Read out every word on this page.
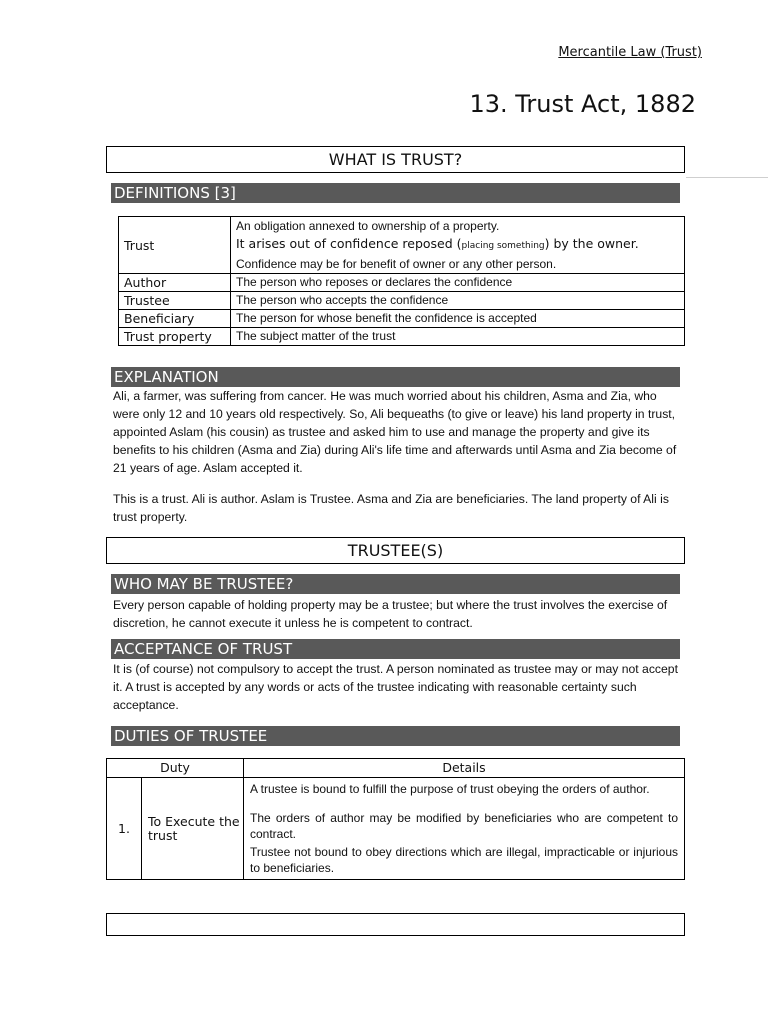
Mercantile Law (Trust)
13. Trust Act, 1882
WHAT IS TRUST?
DEFINITIONS [3]
Trust	An obligation annexed to ownership of a property.
It arises out of confidence reposed (placing something) by the owner.
Confidence may be for benefit of owner or any other person.

Author	The person who reposes or declares the confidence
Trustee	The person who accepts the confidence
Beneficiary	The person for whose benefit the confidence is accepted
Trust property	The subject matter of the trust
EXPLANATION

Ali, a farmer, was suffering from cancer. He was much worried about his children, Asma and Zia, who were only 12 and 10 years old respectively. So, Ali bequeaths (to give or leave) his land property in trust, appointed Aslam (his cousin) as trustee and asked him to use and manage the property and give its benefits to his children (Asma and Zia) during Ali's life time and afterwards until Asma and Zia become of 21 years of age. Aslam accepted it.

This is a trust. Ali is author. Aslam is Trustee. Asma and Zia are beneficiaries. The land property of Ali is trust property.

TRUSTEE(S)
WHO MAY BE TRUSTEE?

Every person capable of holding property may be a trustee; but where the trust involves the exercise of discretion, he cannot execute it unless he is competent to contract.

ACCEPTANCE OF TRUST

It is (of course) not compulsory to accept the trust. A person nominated as trustee may or may not accept it. A trust is accepted by any words or acts of the trustee indicating with reasonable certainty such acceptance.

DUTIES OF TRUSTEE
Duty		Details
1.	To Execute the trust	A trustee is bound to fulfill the purpose of trust obeying the orders of author.

The orders of author may be modified by beneficiaries who are competent to contract.

Trustee not bound to obey directions which are illegal, impracticable or injurious to beneficiaries.
